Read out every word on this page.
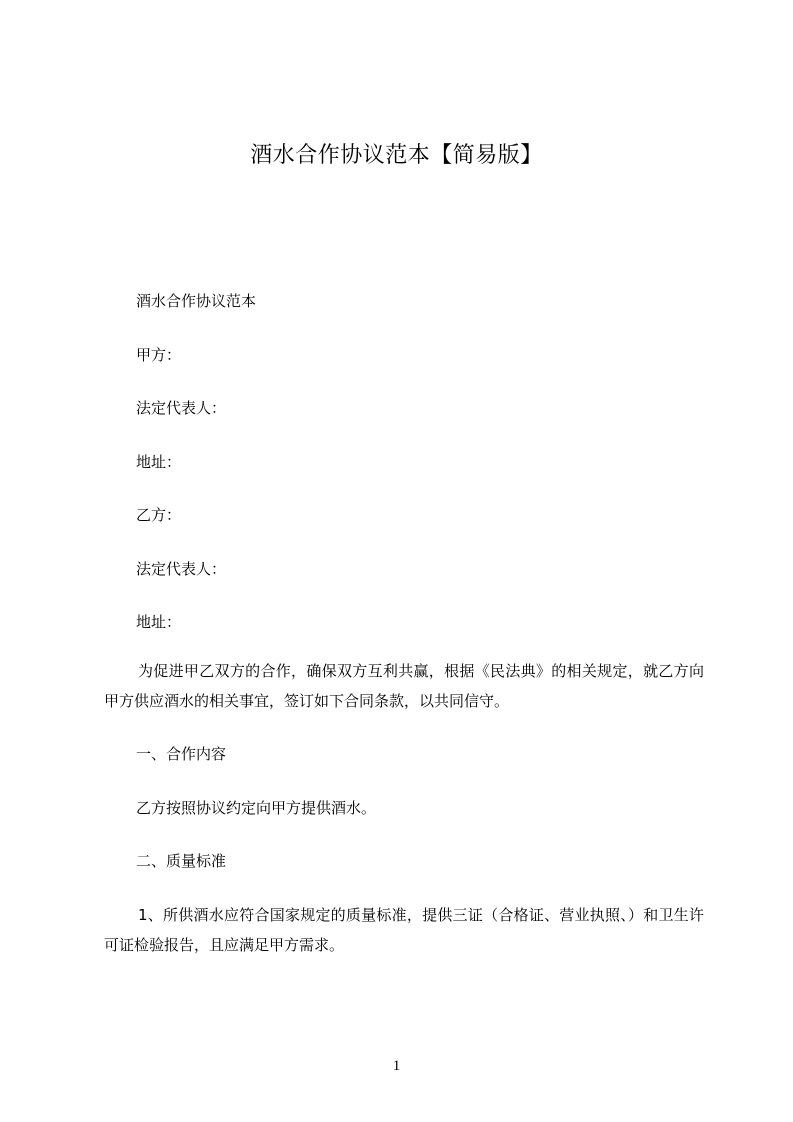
酒水合作协议范本【简易版】
酒水合作协议范本
甲方：
法定代表人：
地址：
乙方：
法定代表人：
地址：
为促进甲乙双方的合作，确保双方互利共赢，根据《民法典》的相关规定，就乙方向甲方供应酒水的相关事宜，签订如下合同条款，以共同信守。
一、合作内容
乙方按照协议约定向甲方提供酒水。
二、质量标准
1、所供酒水应符合国家规定的质量标准，提供三证（合格证、营业执照、）和卫生许可证检验报告，且应满足甲方需求。
1
